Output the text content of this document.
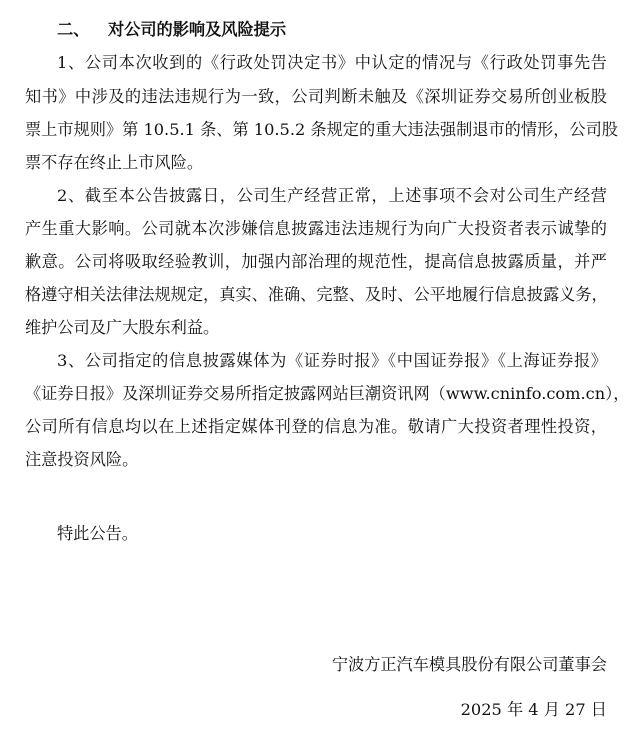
二、 对公司的影响及风险提示
1、公司本次收到的《行政处罚决定书》中认定的情况与《行政处罚事先告
知书》中涉及的违法违规行为一致，公司判断未触及《深圳证券交易所创业板股
票上市规则》第 10.5.1 条、第 10.5.2 条规定的重大违法强制退市的情形，公司股
票不存在终止上市风险。
2、截至本公告披露日，公司生产经营正常，上述事项不会对公司生产经营
产生重大影响。公司就本次涉嫌信息披露违法违规行为向广大投资者表示诚挚的
歉意。公司将吸取经验教训，加强内部治理的规范性，提高信息披露质量，并严
格遵守相关法律法规规定，真实、准确、完整、及时、公平地履行信息披露义务，
维护公司及广大股东利益。
3、公司指定的信息披露媒体为《证券时报》《中国证券报》《上海证券报》
《证券日报》及深圳证券交易所指定披露网站巨潮资讯网（www.cninfo.com.cn），
公司所有信息均以在上述指定媒体刊登的信息为准。敬请广大投资者理性投资，
注意投资风险。
特此公告。
宁波方正汽车模具股份有限公司董事会
2025 年 4 月 27 日
